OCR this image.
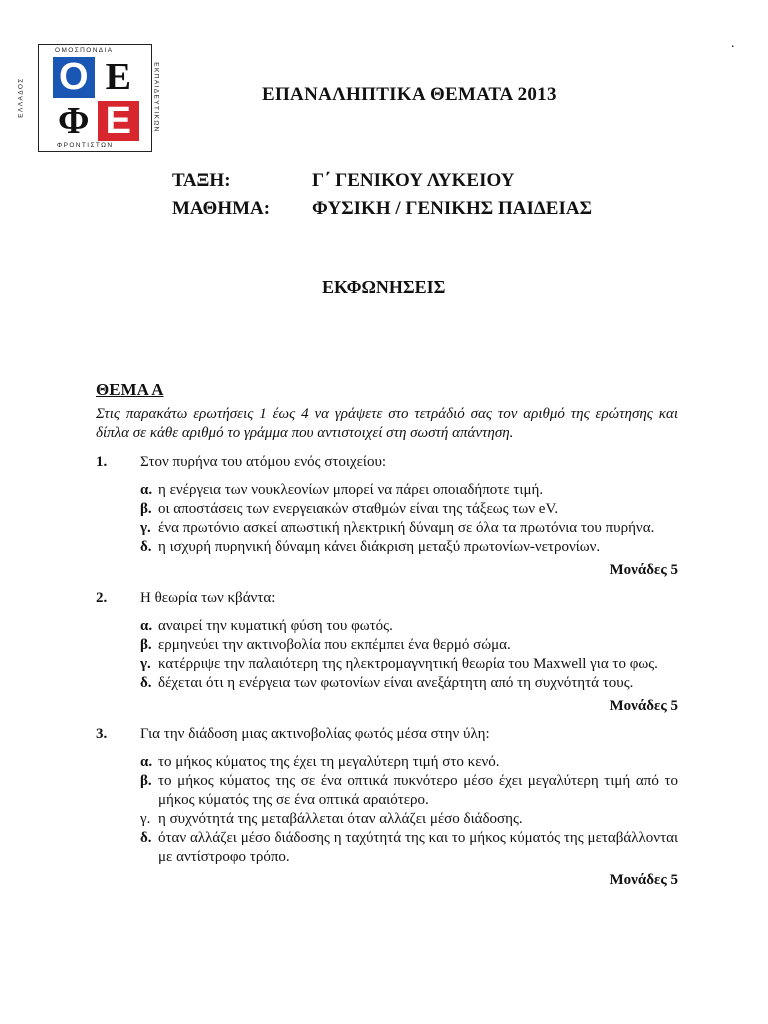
.
ΟΜΟΣΠΟΝΔΙΑ
ΕΚΠΑΙΔΕΥΤΙΚΩΝ
ΦΡΟΝΤΙΣΤΩΝ
ΕΛΛΑΔΟΣ Ο Ε
Φ Ε
ΕΠΑΝΑΛΗΠΤΙΚΑ ΘΕΜΑΤΑ 2013
ΤΑΞΗ:	Γ΄ ΓΕΝΙΚΟΥ ΛΥΚΕΙΟΥ
ΜΑΘΗΜΑ: ΦΥΣΙΚΗ / ΓΕΝΙΚΗΣ ΠΑΙΔΕΙΑΣ
ΕΚΦΩΝΗΣΕΙΣ
ΘΕΜΑ Α
Στις παρακάτω ερωτήσεις 1 έως 4 να γράψετε στο τετράδιό σας τον αριθμό της ερώτησης και δίπλα σε κάθε αριθμό το γράμμα που αντιστοιχεί στη σωστή απάντηση.
1.	Στον πυρήνα του ατόμου ενός στοιχείου:
α. η ενέργεια των νουκλεονίων μπορεί να πάρει οποιαδήποτε τιμή.
β. οι αποστάσεις των ενεργειακών σταθμών είναι της τάξεως των eV.
γ. ένα πρωτόνιο ασκεί απωστική ηλεκτρική δύναμη σε όλα τα πρωτόνια του πυρήνα.
δ. η ισχυρή πυρηνική δύναμη κάνει διάκριση μεταξύ πρωτονίων-νετρονίων.
Μονάδες 5
2.	Η θεωρία των κβάντα:
α. αναιρεί την κυματική φύση του φωτός.
β. ερμηνεύει την ακτινοβολία που εκπέμπει ένα θερμό σώμα.
γ. κατέρριψε την παλαιότερη της ηλεκτρομαγνητική θεωρία του Maxwell για το φως.
δ. δέχεται ότι η ενέργεια των φωτονίων είναι ανεξάρτητη από τη συχνότητά τους.
Μονάδες 5
3.	Για την διάδοση μιας ακτινοβολίας φωτός μέσα στην ύλη:
α. το μήκος κύματος της έχει τη μεγαλύτερη τιμή στο κενό.
β. το μήκος κύματος της σε ένα οπτικά πυκνότερο μέσο έχει μεγαλύτερη τιμή από το μήκος κύματός της σε ένα οπτικά αραιότερο.
γ. η συχνότητά της μεταβάλλεται όταν αλλάζει μέσο διάδοσης.
δ. όταν αλλάζει μέσο διάδοσης η ταχύτητά της και το μήκος κύματός της μεταβάλλονται με αντίστροφο τρόπο.
Μονάδες 5
